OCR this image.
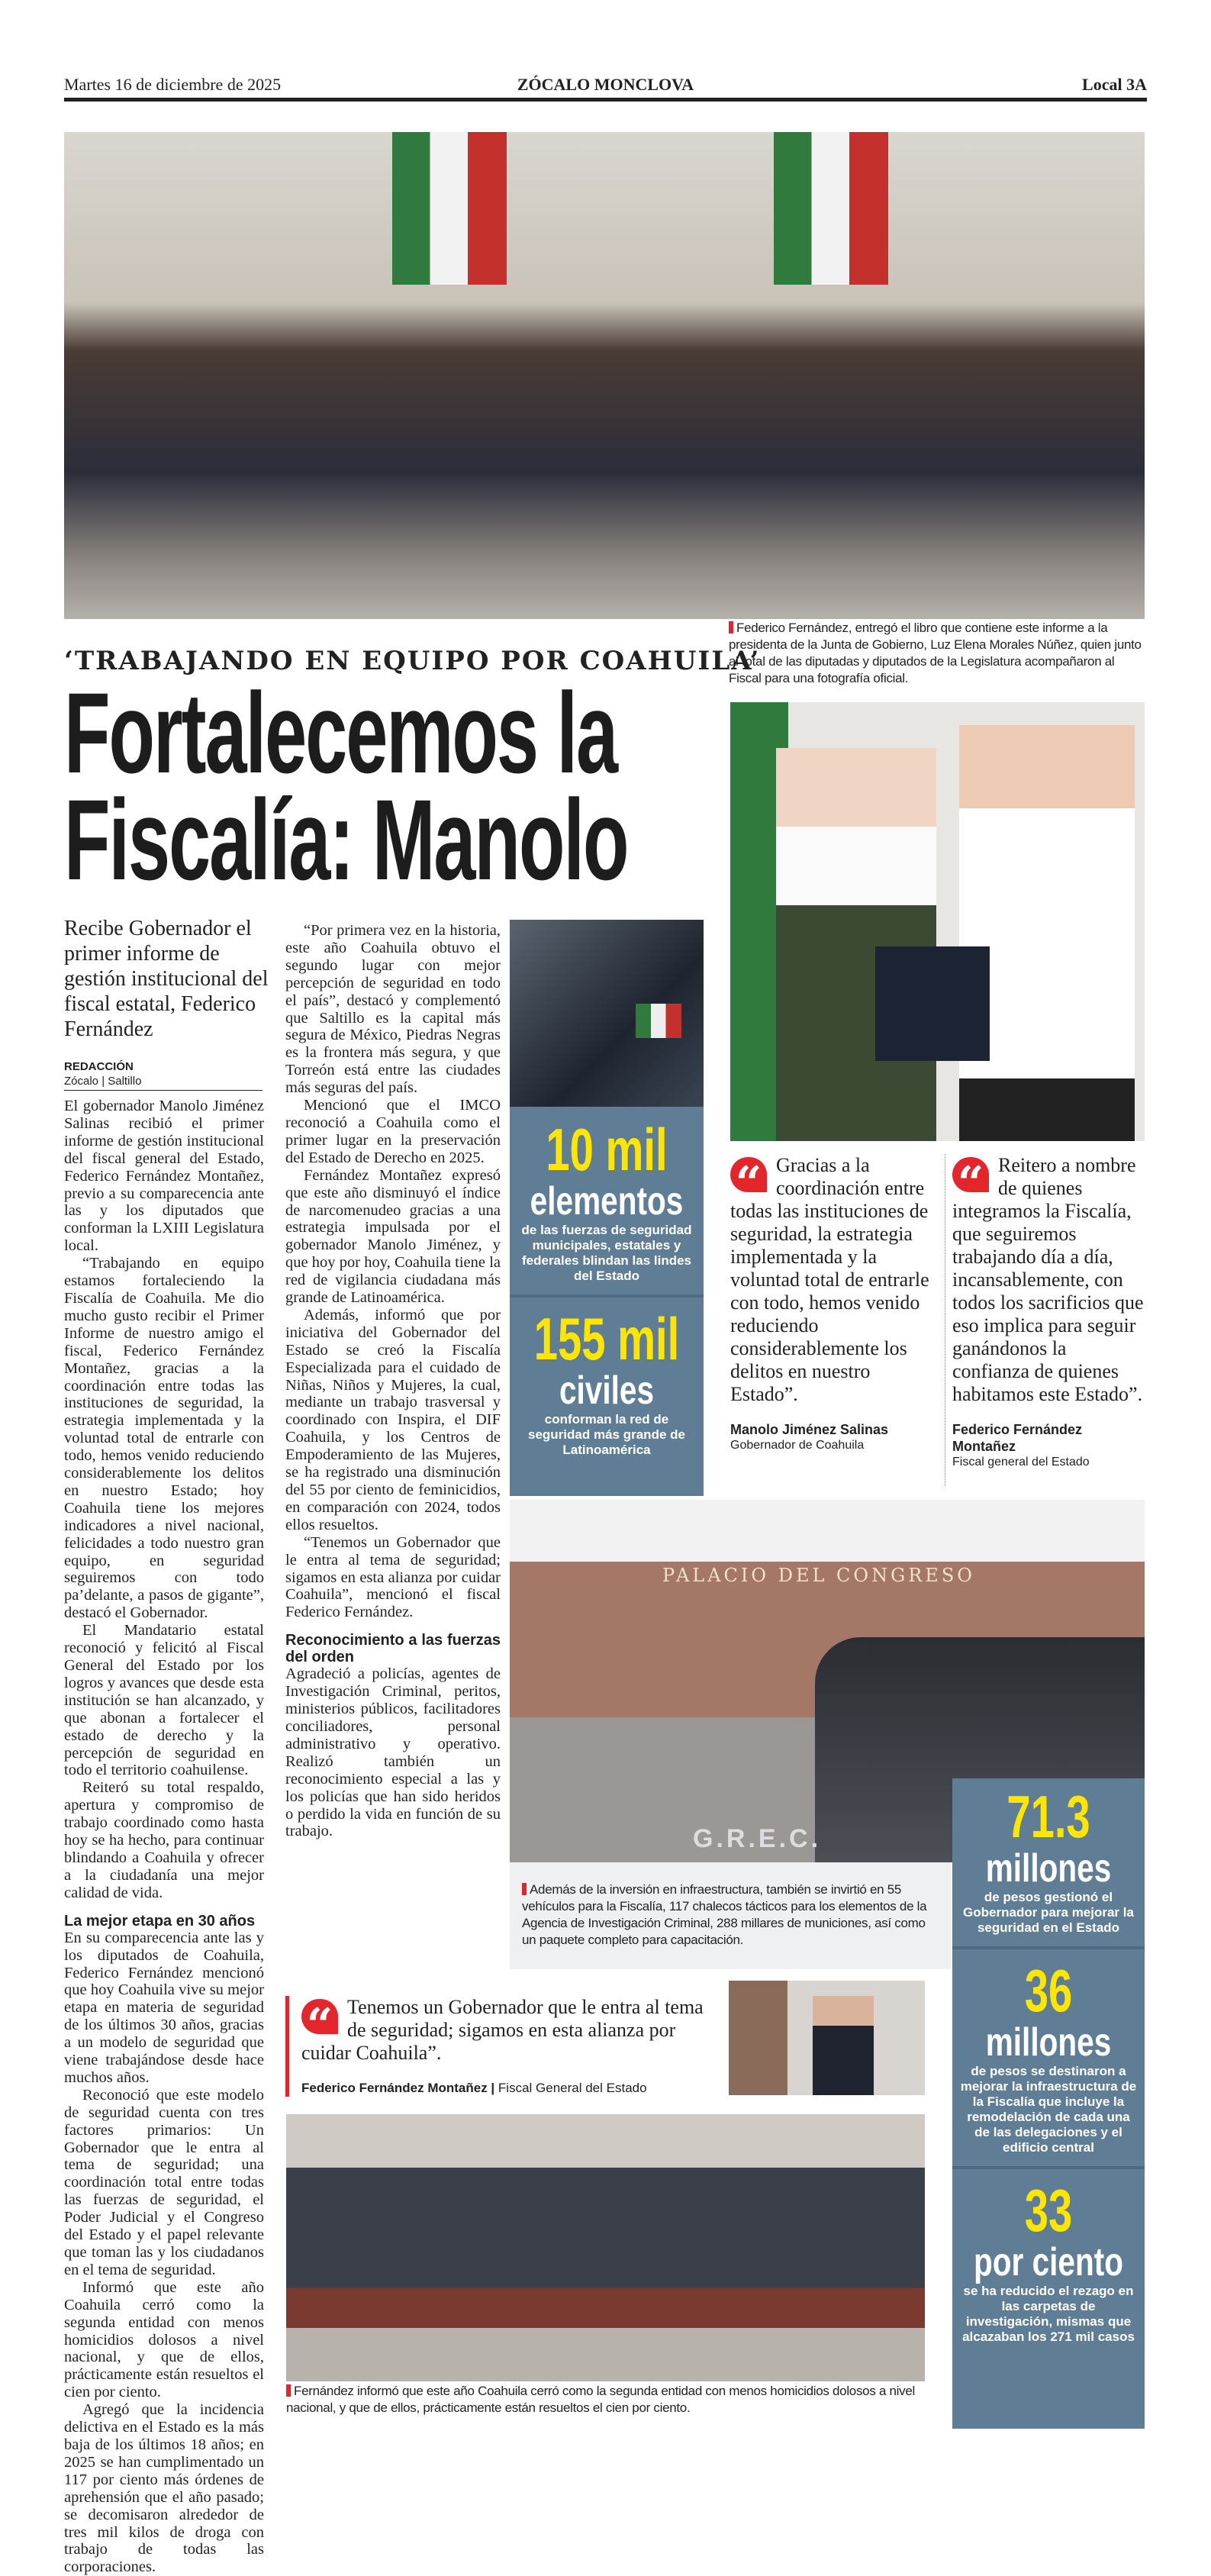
Martes 16 de diciembre de 2025	ZÓCALO MONCLOVA	Local 3A
Federico Fernández, entregó el libro que contiene este informe a la presidenta de la Junta de Gobierno, Luz Elena Morales Núñez, quien junto al total de las diputadas y diputados de la Legislatura acompañaron al Fiscal para una fotografía oficial.
‘TRABAJANDO EN EQUIPO POR COAHUILA’
Fortalecemos la
Fiscalía: Manolo
Recibe Gobernador el primer informe de gestión institucional del fiscal estatal, Federico Fernández
REDACCIÓN
Zócalo | Saltillo

El gobernador Manolo Jiménez Salinas recibió el primer informe de gestión institucional del fiscal general del Estado, Federico Fernández Montañez, previo a su comparecencia ante las y los diputados que conforman la LXIII Legislatura local.

“Trabajando en equipo estamos fortaleciendo la Fiscalía de Coahuila. Me dio mucho gusto recibir el Primer Informe de nuestro amigo el fiscal, Federico Fernández Montañez, gracias a la coordinación entre todas las instituciones de seguridad, la estrategia implementada y la voluntad total de entrarle con todo, hemos venido reduciendo considerablemente los delitos en nuestro Estado; hoy Coahuila tiene los mejores indicadores a nivel nacional, felicidades a todo nuestro gran equipo, en seguridad seguiremos con todo pa’delante, a pasos de gigante”, destacó el Gobernador.

El Mandatario estatal reconoció y felicitó al Fiscal General del Estado por los logros y avances que desde esta institución se han alcanzado, y que abonan a fortalecer el estado de derecho y la percepción de seguridad en todo el territorio coahuilense.

Reiteró su total respaldo, apertura y compromiso de trabajo coordinado como hasta hoy se ha hecho, para continuar blindando a Coahuila y ofrecer a la ciudadanía una mejor calidad de vida.

La mejor etapa en 30 años

En su comparecencia ante las y los diputados de Coahuila, Federico Fernández mencionó que hoy Coahuila vive su mejor etapa en materia de seguridad de los últimos 30 años, gracias a un modelo de seguridad que viene trabajándose desde hace muchos años.

Reconoció que este modelo de seguridad cuenta con tres factores primarios: Un Gobernador que le entra al tema de seguridad; una coordinación total entre todas las fuerzas de seguridad, el Poder Judicial y el Congreso del Estado y el papel relevante que toman las y los ciudadanos en el tema de seguridad.

Informó que este año Coahuila cerró como la segunda entidad con menos homicidios dolosos a nivel nacional, y que de ellos, prácticamente están resueltos el cien por ciento.

Agregó que la incidencia delictiva en el Estado es la más baja de los últimos 18 años; en 2025 se han cumplimentado un 117 por ciento más órdenes de aprehensión que el año pasado; se decomisaron alrededor de tres mil kilos de droga con trabajo de todas las corporaciones.

“Por primera vez en la historia, este año Coahuila obtuvo el segundo lugar con mejor percepción de seguridad en todo el país”, destacó y complementó que Saltillo es la capital más segura de México, Piedras Negras es la frontera más segura, y que Torreón está entre las ciudades más seguras del país.

Mencionó que el IMCO reconoció a Coahuila como el primer lugar en la preservación del Estado de Derecho en 2025.

Fernández Montañez expresó que este año disminuyó el índice de narcomenudeo gracias a una estrategia impulsada por el gobernador Manolo Jiménez, y que hoy por hoy, Coahuila tiene la red de vigilancia ciudadana más grande de Latinoamérica.

Además, informó que por iniciativa del Gobernador del Estado se creó la Fiscalía Especializada para el cuidado de Niñas, Niños y Mujeres, la cual, mediante un trabajo trasversal y coordinado con Inspira, el DIF Coahuila, y los Centros de Empoderamiento de las Mujeres, se ha registrado una disminución del 55 por ciento de feminicidios, en comparación con 2024, todos ellos resueltos.

“Tenemos un Gobernador que le entra al tema de seguridad; sigamos en esta alianza por cuidar Coahuila”, mencionó el fiscal Federico Fernández.

Reconocimiento a las fuerzas del orden

Agradeció a policías, agentes de Investigación Criminal, peritos, ministerios públicos, facilitadores conciliadores, personal administrativo y operativo. Realizó también un reconocimiento especial a las y los policías que han sido heridos o perdido la vida en función de su trabajo.

10 mil
elementos
de las fuerzas de seguridad municipales, estatales y federales blindan las lindes del Estado
155 mil
civiles
conforman la red de seguridad más grande de Latinoamérica
“ Gracias a la coordinación entre todas las instituciones de seguridad, la estrategia implementada y la voluntad total de entrarle con todo, hemos venido reduciendo considerablemente los delitos en nuestro Estado”.
Manolo Jiménez Salinas
Gobernador de Coahuila
“ Reitero a nombre de quienes integramos la Fiscalía, que seguiremos trabajando día a día, incansablemente, con todos los sacrificios que eso implica para seguir ganándonos la confianza de quienes habitamos este Estado”.
Federico Fernández Montañez
Fiscal general del Estado
PALACIO DEL CONGRESO
G.R.E.C.
Además de la inversión en infraestructura, también se invirtió en 55 vehículos para la Fiscalía, 117 chalecos tácticos para los elementos de la Agencia de Investigación Criminal, 288 millares de municiones, así como un paquete completo para capacitación.
71.3
millones
de pesos gestionó el Gobernador para mejorar la seguridad en el Estado
36
millones
de pesos se destinaron a mejorar la infraestructura de la Fiscalía que incluye la remodelación de cada una de las delegaciones y el edificio central
33
por ciento
se ha reducido el rezago en las carpetas de investigación, mismas que alcazaban los 271 mil casos
“ Tenemos un Gobernador que le entra al tema de seguridad; sigamos en esta alianza por cuidar Coahuila”.
Federico Fernández Montañez | Fiscal General del Estado
Fernández informó que este año Coahuila cerró como la segunda entidad con menos homicidios dolosos a nivel nacional, y que de ellos, prácticamente están resueltos el cien por ciento.
